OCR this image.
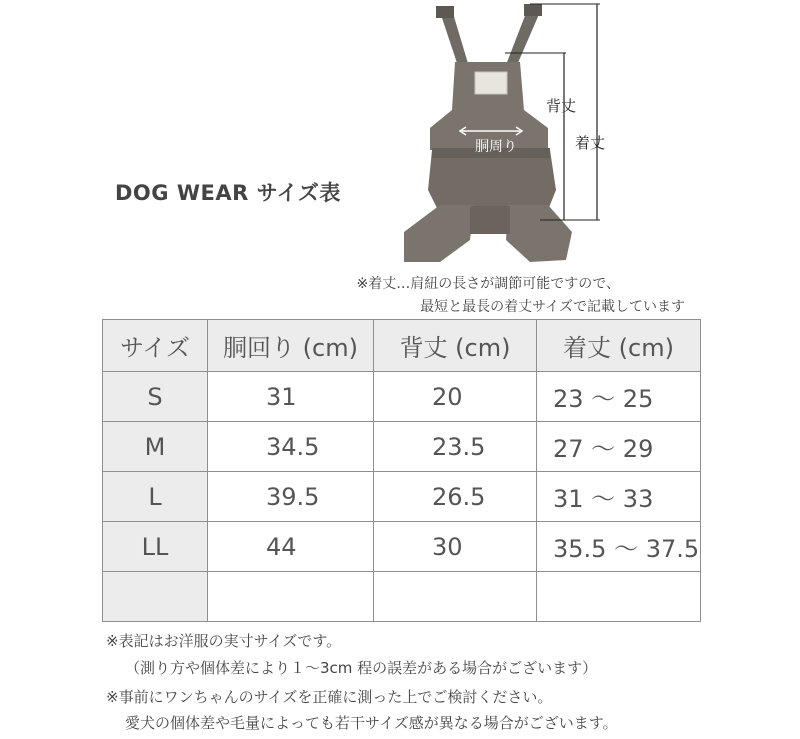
胴周り
背丈
着丈
DOG WEAR サイズ表
※着丈…肩紐の長さが調節可能ですので、
最短と最長の着丈サイズで記載しています
サイズ	胴回り (cm)	背丈 (cm)	着丈 (cm)
S	31	20	23 〜 25
M	34.5	23.5	27 〜 29
L	39.5	26.5	31 〜 33
LL	44	30	35.5 〜 37.5

※表記はお洋服の実寸サイズです。
（測り方や個体差により１〜3cm 程の誤差がある場合がございます）
※事前にワンちゃんのサイズを正確に測った上でご検討ください。
愛犬の個体差や毛量によっても若干サイズ感が異なる場合がございます。
